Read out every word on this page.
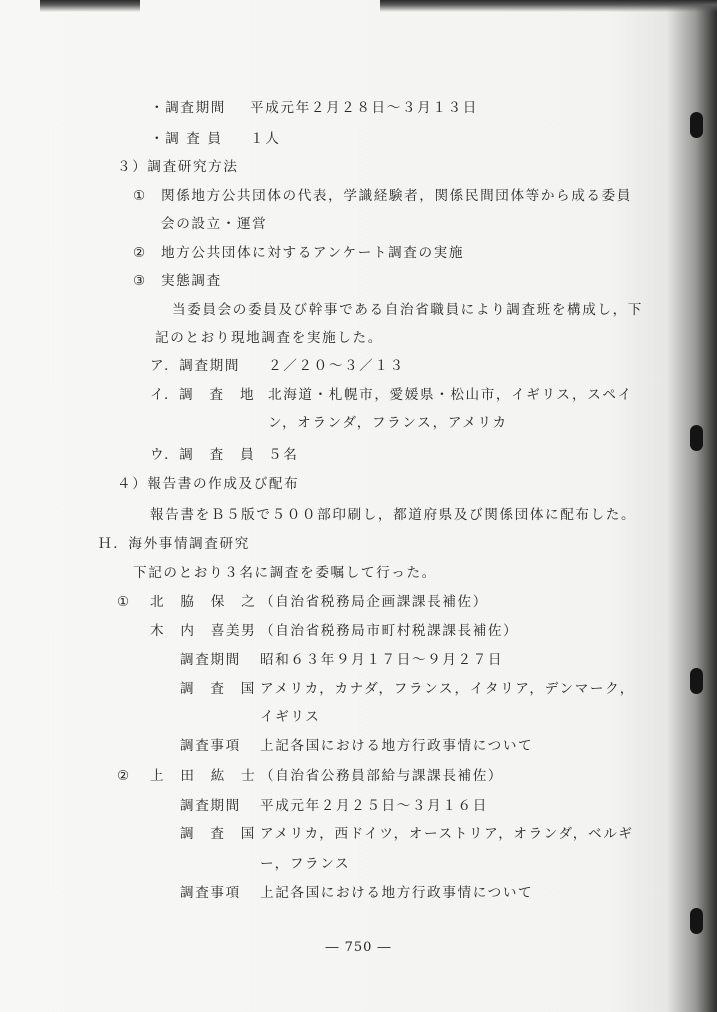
・調査期間 平成元年２月２８日～３月１３日
・調 査 員 １人
３）調査研究方法
① 関係地方公共団体の代表，学識経験者，関係民間団体等から成る委員
会の設立・運営
② 地方公共団体に対するアンケート調査の実施
③ 実態調査
当委員会の委員及び幹事である自治省職員により調査班を構成し，下
記のとおり現地調査を実施した。
ア．調査期間 ２／２０～３／１３
イ．調　査　地 北海道・札幌市，愛媛県・松山市，イギリス，スペイ
ン，オランダ，フランス，アメリカ
ウ．調　査　員 ５名
４）報告書の作成及び配布
報告書をＢ５版で５００部印刷し，都道府県及び関係団体に配布した。
Ｈ．海外事情調査研究
下記のとおり３名に調査を委嘱して行った。
① 北　脇　保　之 （自治省税務局企画課課長補佐）
木　内　喜美男 （自治省税務局市町村税課課長補佐）
調査期間 昭和６３年９月１７日～９月２７日
調　査　国 アメリカ，カナダ，フランス，イタリア，デンマーク，
イギリス
調査事項 上記各国における地方行政事情について
② 上　田　紘　士 （自治省公務員部給与課課長補佐）
調査期間 平成元年２月２５日～３月１６日
調　査　国 アメリカ，西ドイツ，オーストリア，オランダ，ベルギ
ー，フランス
調査事項 上記各国における地方行政事情について
― 750 ―
